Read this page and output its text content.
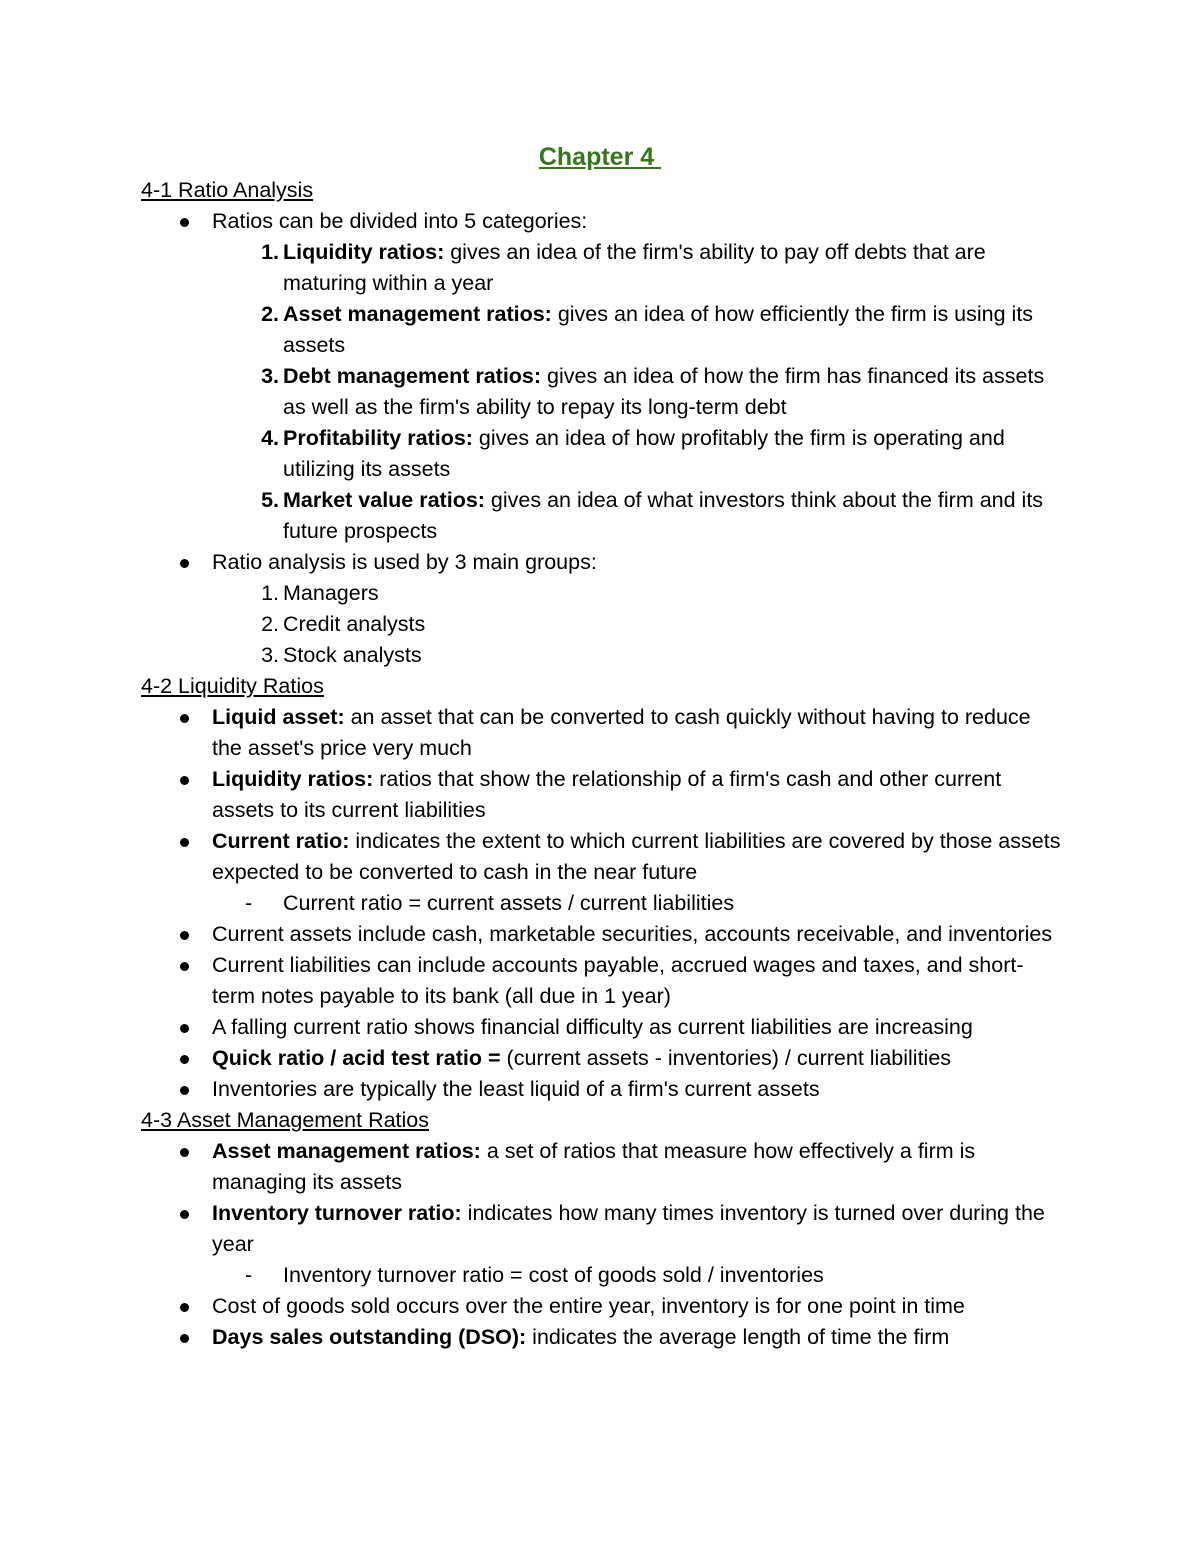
Chapter 4
4-1 Ratio Analysis
Ratios can be divided into 5 categories:
1. Liquidity ratios: gives an idea of the firm's ability to pay off debts that are maturing within a year
2. Asset management ratios: gives an idea of how efficiently the firm is using its assets
3. Debt management ratios: gives an idea of how the firm has financed its assets as well as the firm's ability to repay its long-term debt
4. Profitability ratios: gives an idea of how profitably the firm is operating and utilizing its assets
5. Market value ratios: gives an idea of what investors think about the firm and its future prospects
Ratio analysis is used by 3 main groups:
1. Managers
2. Credit analysts
3. Stock analysts
4-2 Liquidity Ratios
Liquid asset: an asset that can be converted to cash quickly without having to reduce the asset's price very much
Liquidity ratios: ratios that show the relationship of a firm's cash and other current assets to its current liabilities
Current ratio: indicates the extent to which current liabilities are covered by those assets expected to be converted to cash in the near future
- Current ratio = current assets / current liabilities
Current assets include cash, marketable securities, accounts receivable, and inventories
Current liabilities can include accounts payable, accrued wages and taxes, and short-term notes payable to its bank (all due in 1 year)
A falling current ratio shows financial difficulty as current liabilities are increasing
Quick ratio / acid test ratio = (current assets - inventories) / current liabilities
Inventories are typically the least liquid of a firm's current assets
4-3 Asset Management Ratios
Asset management ratios: a set of ratios that measure how effectively a firm is managing its assets
Inventory turnover ratio: indicates how many times inventory is turned over during the year
- Inventory turnover ratio = cost of goods sold / inventories
Cost of goods sold occurs over the entire year, inventory is for one point in time
Days sales outstanding (DSO): indicates the average length of time the firm
